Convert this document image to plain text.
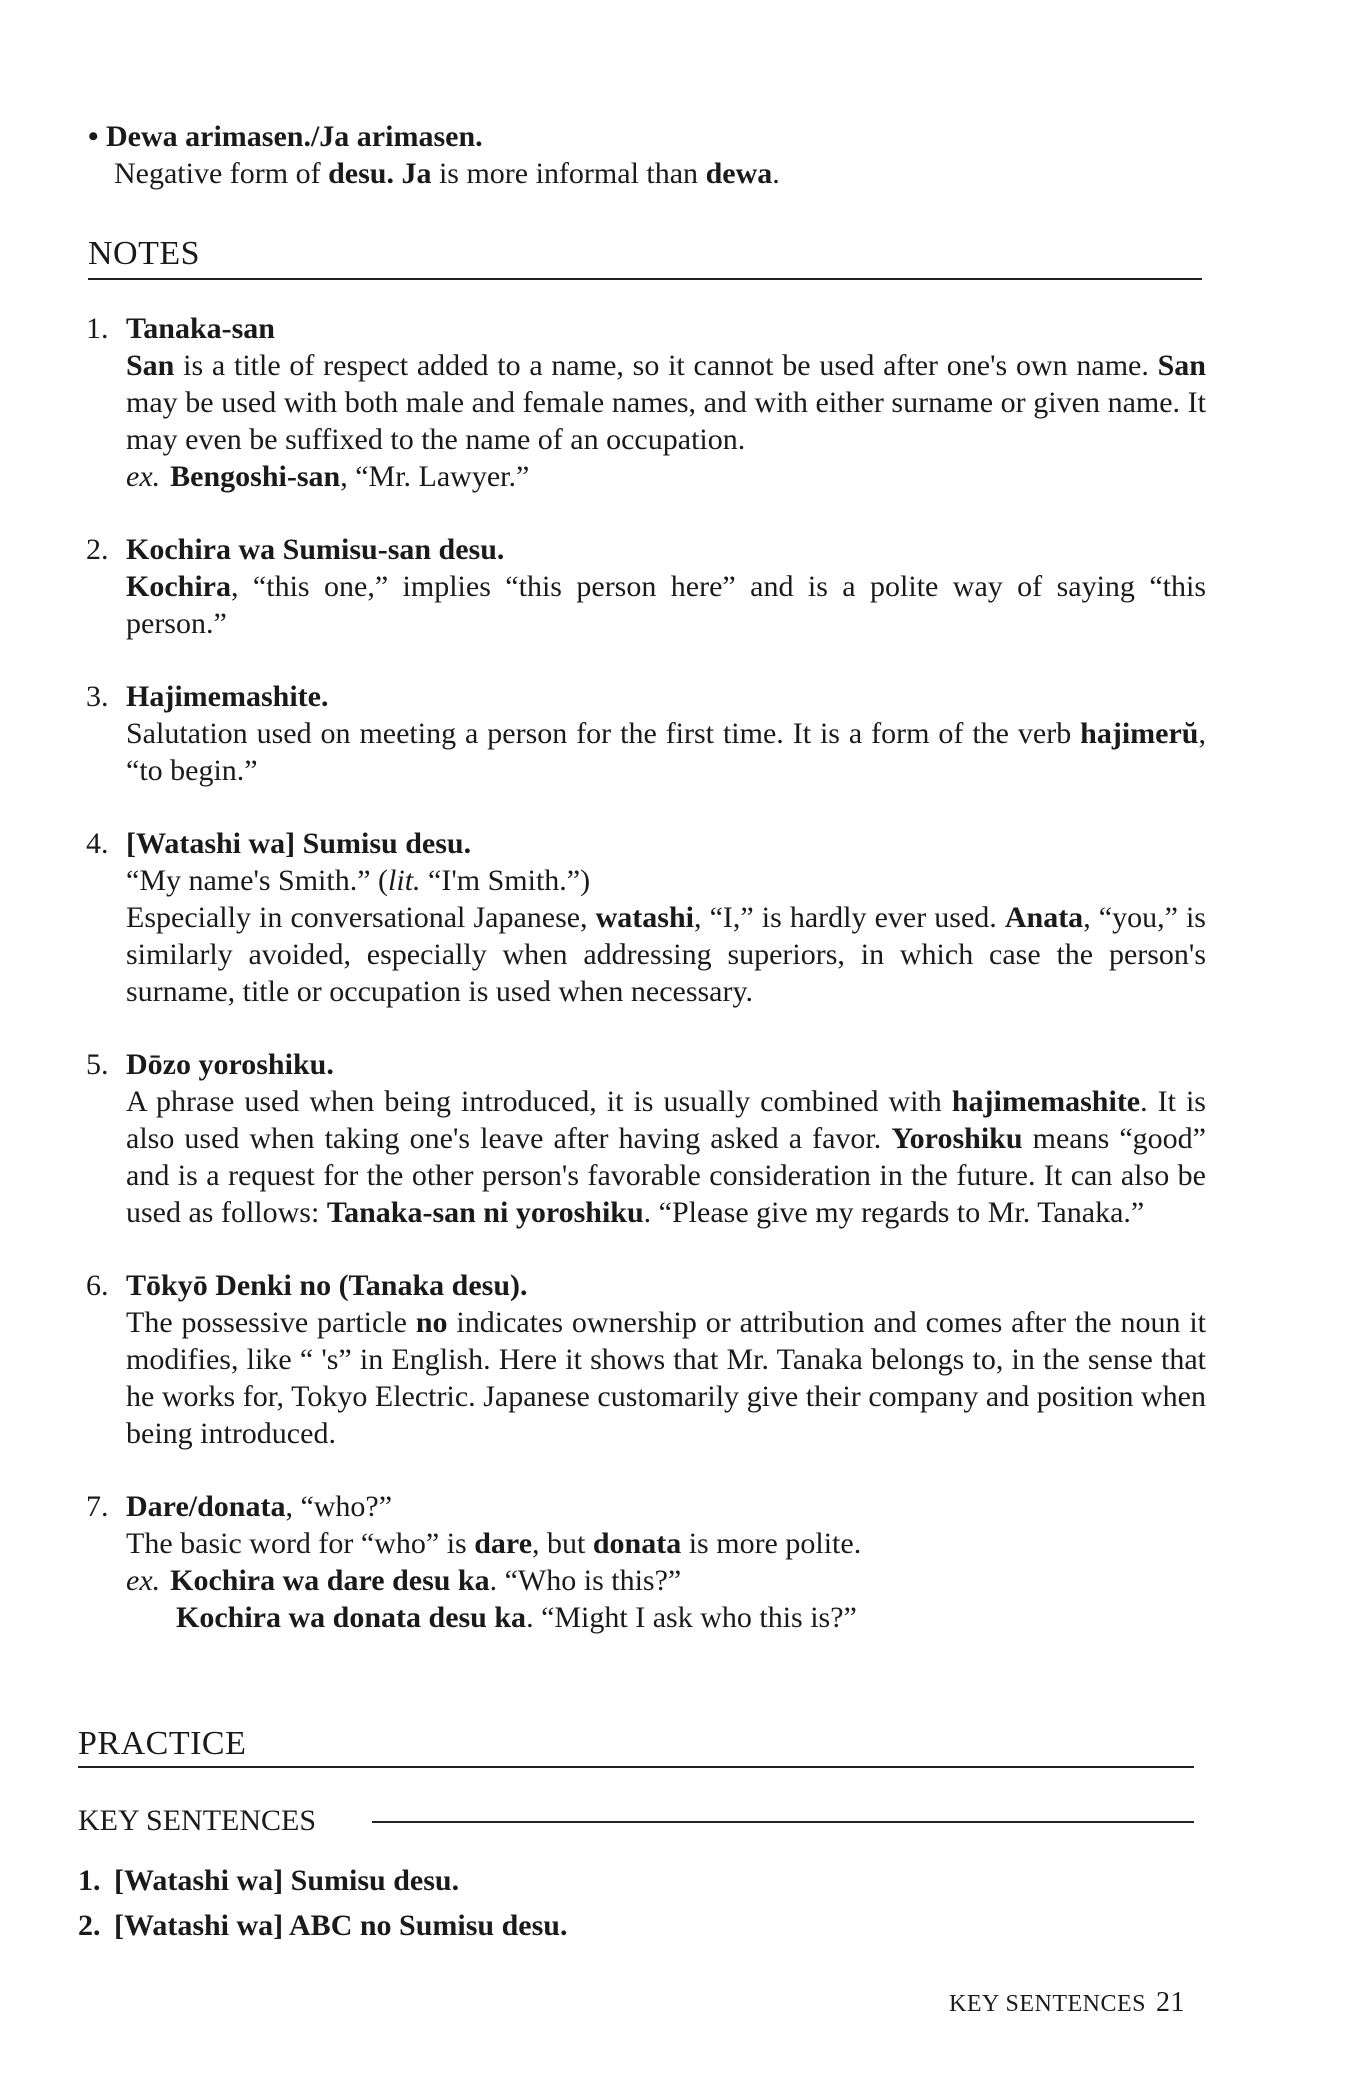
• Dewa arimasen./Ja arimasen.
Negative form of desu. Ja is more informal than dewa.
NOTES
1. Tanaka-san

San is a title of respect added to a name, so it cannot be used after one's own name. San may be used with both male and female names, and with either surname or given name. It may even be suffixed to the name of an occupation.
ex. Bengoshi-san, “Mr. Lawyer.”

2. Kochira wa Sumisu-san desu.

Kochira, “this one,” implies “this person here” and is a polite way of saying “this person.”

3. Hajimemashite.

Salutation used on meeting a person for the first time. It is a form of the verb hajimerŭ, “to begin.”

4. [Watashi wa] Sumisu desu.

“My name's Smith.” (lit. “I'm Smith.”)

Especially in conversational Japanese, watashi, “I,” is hardly ever used. Anata, “you,” is similarly avoided, especially when addressing superiors, in which case the person's surname, title or occupation is used when necessary.

5. Dōzo yoroshiku.

A phrase used when being introduced, it is usually combined with hajimemashite. It is also used when taking one's leave after having asked a favor. Yoroshiku means “good” and is a request for the other person's favorable consideration in the future. It can also be used as follows: Tanaka-san ni yoroshiku. “Please give my regards to Mr. Tanaka.”

6. Tōkyō Denki no (Tanaka desu).

The possessive particle no indicates ownership or attribution and comes after the noun it modifies, like “ 's” in English. Here it shows that Mr. Tanaka belongs to, in the sense that he works for, Tokyo Electric. Japanese customarily give their company and position when being introduced.

7. Dare/donata, “who?”

The basic word for “who” is dare, but donata is more polite.
ex. Kochira wa dare desu ka. “Who is this?”
Kochira wa donata desu ka. “Might I ask who this is?”

PRACTICE
KEY SENTENCES
1. [Watashi wa] Sumisu desu.
2. [Watashi wa] ABC no Sumisu desu.
KEY SENTENCES 21
